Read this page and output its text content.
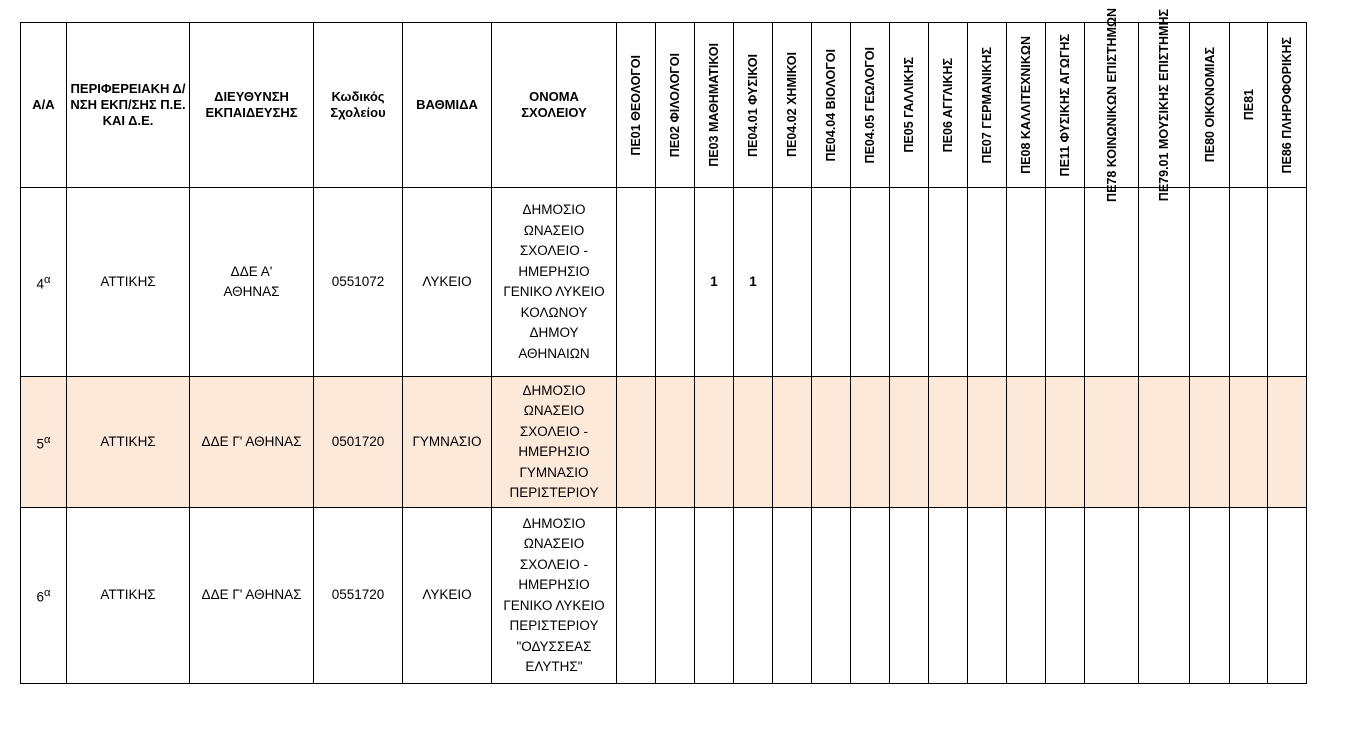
Α/Α	ΠΕΡΙΦΕΡΕΙΑΚΗ Δ/ΝΣΗ ΕΚΠ/ΣΗΣ Π.Ε. ΚΑΙ Δ.Ε.	ΔΙΕΥΘΥΝΣΗ ΕΚΠΑΙΔΕΥΣΗΣ	Κωδικός Σχολείου	ΒΑΘΜΙΔΑ	ΟΝΟΜΑ ΣΧΟΛΕΙΟΥ	ΠΕ01 ΘΕΟΛΟΓΟΙ	ΠΕ02 ΦΙΛΟΛΟΓΟΙ	ΠΕ03 ΜΑΘΗΜΑΤΙΚΟΙ	ΠΕ04.01 ΦΥΣΙΚΟΙ	ΠΕ04.02 ΧΗΜΙΚΟΙ	ΠΕ04.04 ΒΙΟΛΟΓΟΙ	ΠΕ04.05 ΓΕΩΛΟΓΟΙ	ΠΕ05 ΓΑΛΛΙΚΗΣ	ΠΕ06 ΑΓΓΛΙΚΗΣ	ΠΕ07 ΓΕΡΜΑΝΙΚΗΣ	ΠΕ08 ΚΑΛΛΙΤΕΧΝΙΚΩΝ	ΠΕ11 ΦΥΣΙΚΗΣ ΑΓΩΓΗΣ	ΠΕ78 ΚΟΙΝΩΝΙΚΩΝ ΕΠΙΣΤΗΜΩΝ	ΠΕ79.01 ΜΟΥΣΙΚΗΣ ΕΠΙΣΤΗΜΗΣ	ΠΕ80 ΟΙΚΟΝΟΜΙΑΣ	ΠΕ81	ΠΕ86 ΠΛΗΡΟΦΟΡΙΚΗΣ

$4^\alpha$	ΑΤΤΙΚΗΣ	ΔΔΕ Α' ΑΘΗΝΑΣ	0551072	ΛΥΚΕΙΟ	ΔΗΜΟΣΙΟ ΩΝΑΣΕΙΟ ΣΧΟΛΕΙΟ - ΗΜΕΡΗΣΙΟ ΓΕΝΙΚΟ ΛΥΚΕΙΟ ΚΟΛΩΝΟΥ ΔΗΜΟΥ ΑΘΗΝΑΙΩΝ			1	1													
$5^\alpha$	ΑΤΤΙΚΗΣ	ΔΔΕ Γ' ΑΘΗΝΑΣ	0501720	ΓΥΜΝΑΣΙΟ	ΔΗΜΟΣΙΟ ΩΝΑΣΕΙΟ ΣΧΟΛΕΙΟ - ΗΜΕΡΗΣΙΟ ΓΥΜΝΑΣΙΟ ΠΕΡΙΣΤΕΡΙΟΥ																	

$6^\alpha$	ΑΤΤΙΚΗΣ	ΔΔΕ Γ' ΑΘΗΝΑΣ	0551720	ΛΥΚΕΙΟ	ΔΗΜΟΣΙΟ ΩΝΑΣΕΙΟ ΣΧΟΛΕΙΟ - ΗΜΕΡΗΣΙΟ ΓΕΝΙΚΟ ΛΥΚΕΙΟ ΠΕΡΙΣΤΕΡΙΟΥ "ΟΔΥΣΣΕΑΣ ΕΛΥΤΗΣ"																	
